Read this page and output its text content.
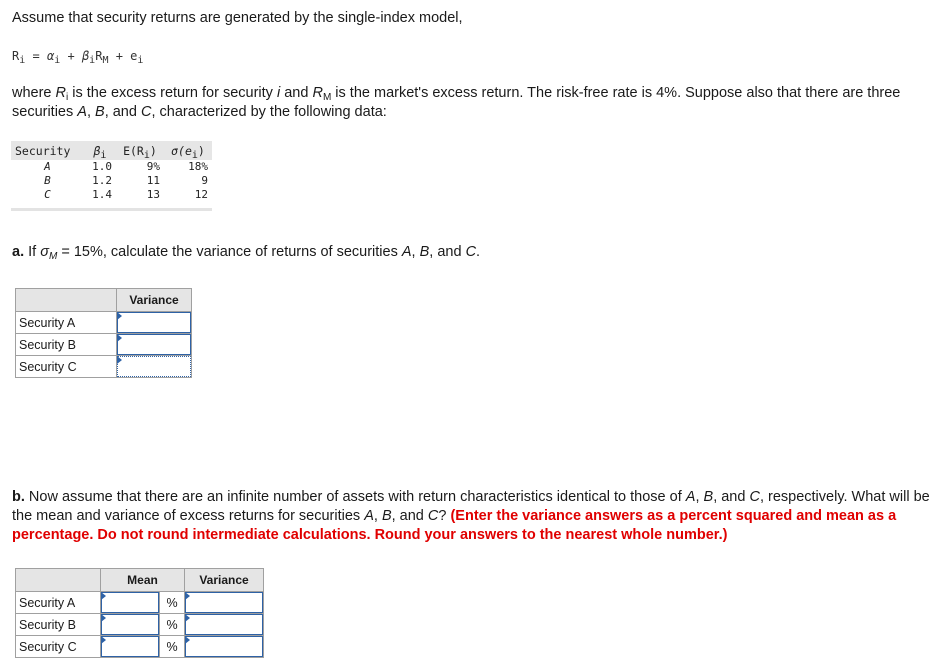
Assume that security returns are generated by the single-index model,
$R_i = \alpha_i + \beta_iR_M + e_i$
where $R_i$ is the excess return for security i and $R_M$ is the market's excess return. The risk-free rate is 4%. Suppose also that there are three securities A, B, and C, characterized by the following data:
Security	$\beta_i$	$E(R_i)$	$\sigma(e_i)$
A	1.0	9%	18%
B	1.2	11	9
C	1.4	13	12
a. If $\sigma_M = 15\%$, calculate the variance of returns of securities A, B, and C.
	Variance
Security A	

Security B	

Security C	
b. Now assume that there are an infinite number of assets with return characteristics identical to those of A, B, and C, respectively. What will be the mean and variance of excess returns for securities A, B, and C? (Enter the variance answers as a percent squared and mean as a percentage. Do not round intermediate calculations. Round your answers to the nearest whole number.)
	Mean		Variance
Security A		%	

Security B		%	

Security C		%	
